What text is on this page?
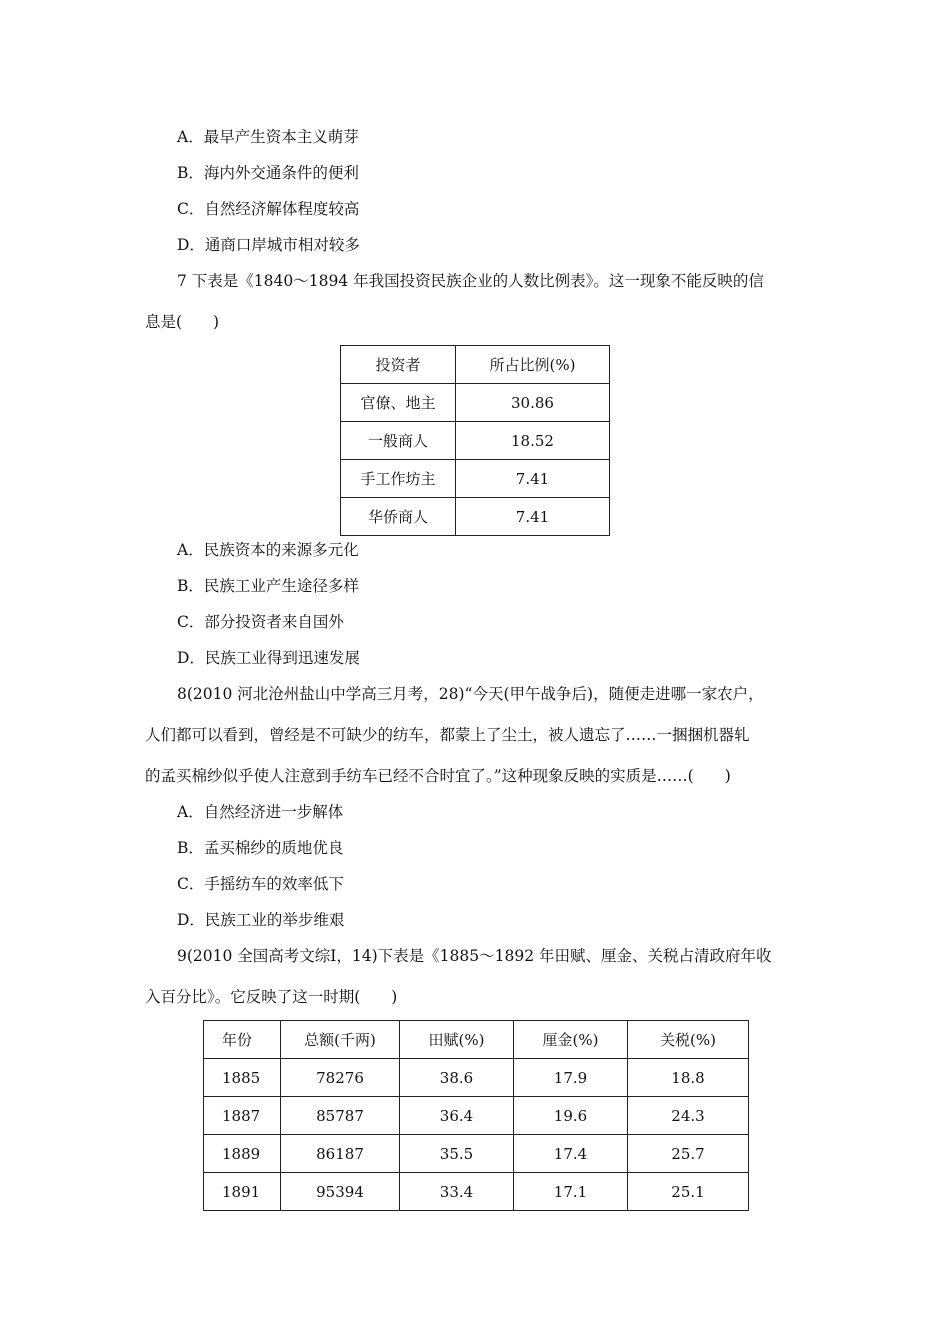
A．最早产生资本主义萌芽
B．海内外交通条件的便利
C．自然经济解体程度较高
D．通商口岸城市相对较多
7 下表是《1840～1894 年我国投资民族企业的人数比例表》。这一现象不能反映的信
息是(　　)
投资者	所占比例(%)
官僚、地主	30.86
一般商人	18.52
手工作坊主	7.41
华侨商人	7.41
A．民族资本的来源多元化
B．民族工业产生途径多样
C．部分投资者来自国外
D．民族工业得到迅速发展
8(2010 河北沧州盐山中学高三月考，28)“今天(甲午战争后)，随便走进哪一家农户，
人们都可以看到，曾经是不可缺少的纺车，都蒙上了尘土，被人遗忘了……一捆捆机器轧
的孟买棉纱似乎使人注意到手纺车已经不合时宜了。”这种现象反映的实质是……(　　)
A．自然经济进一步解体
B．孟买棉纱的质地优良
C．手摇纺车的效率低下
D．民族工业的举步维艰
9(2010 全国高考文综Ⅰ，14)下表是《1885～1892 年田赋、厘金、关税占清政府年收
入百分比》。它反映了这一时期(　　)
年份	总额(千两)	田赋(%)	厘金(%)	关税(%)
1885	78276	38.6	17.9	18.8
1887	85787	36.4	19.6	24.3
1889	86187	35.5	17.4	25.7
1891	95394	33.4	17.1	25.1
